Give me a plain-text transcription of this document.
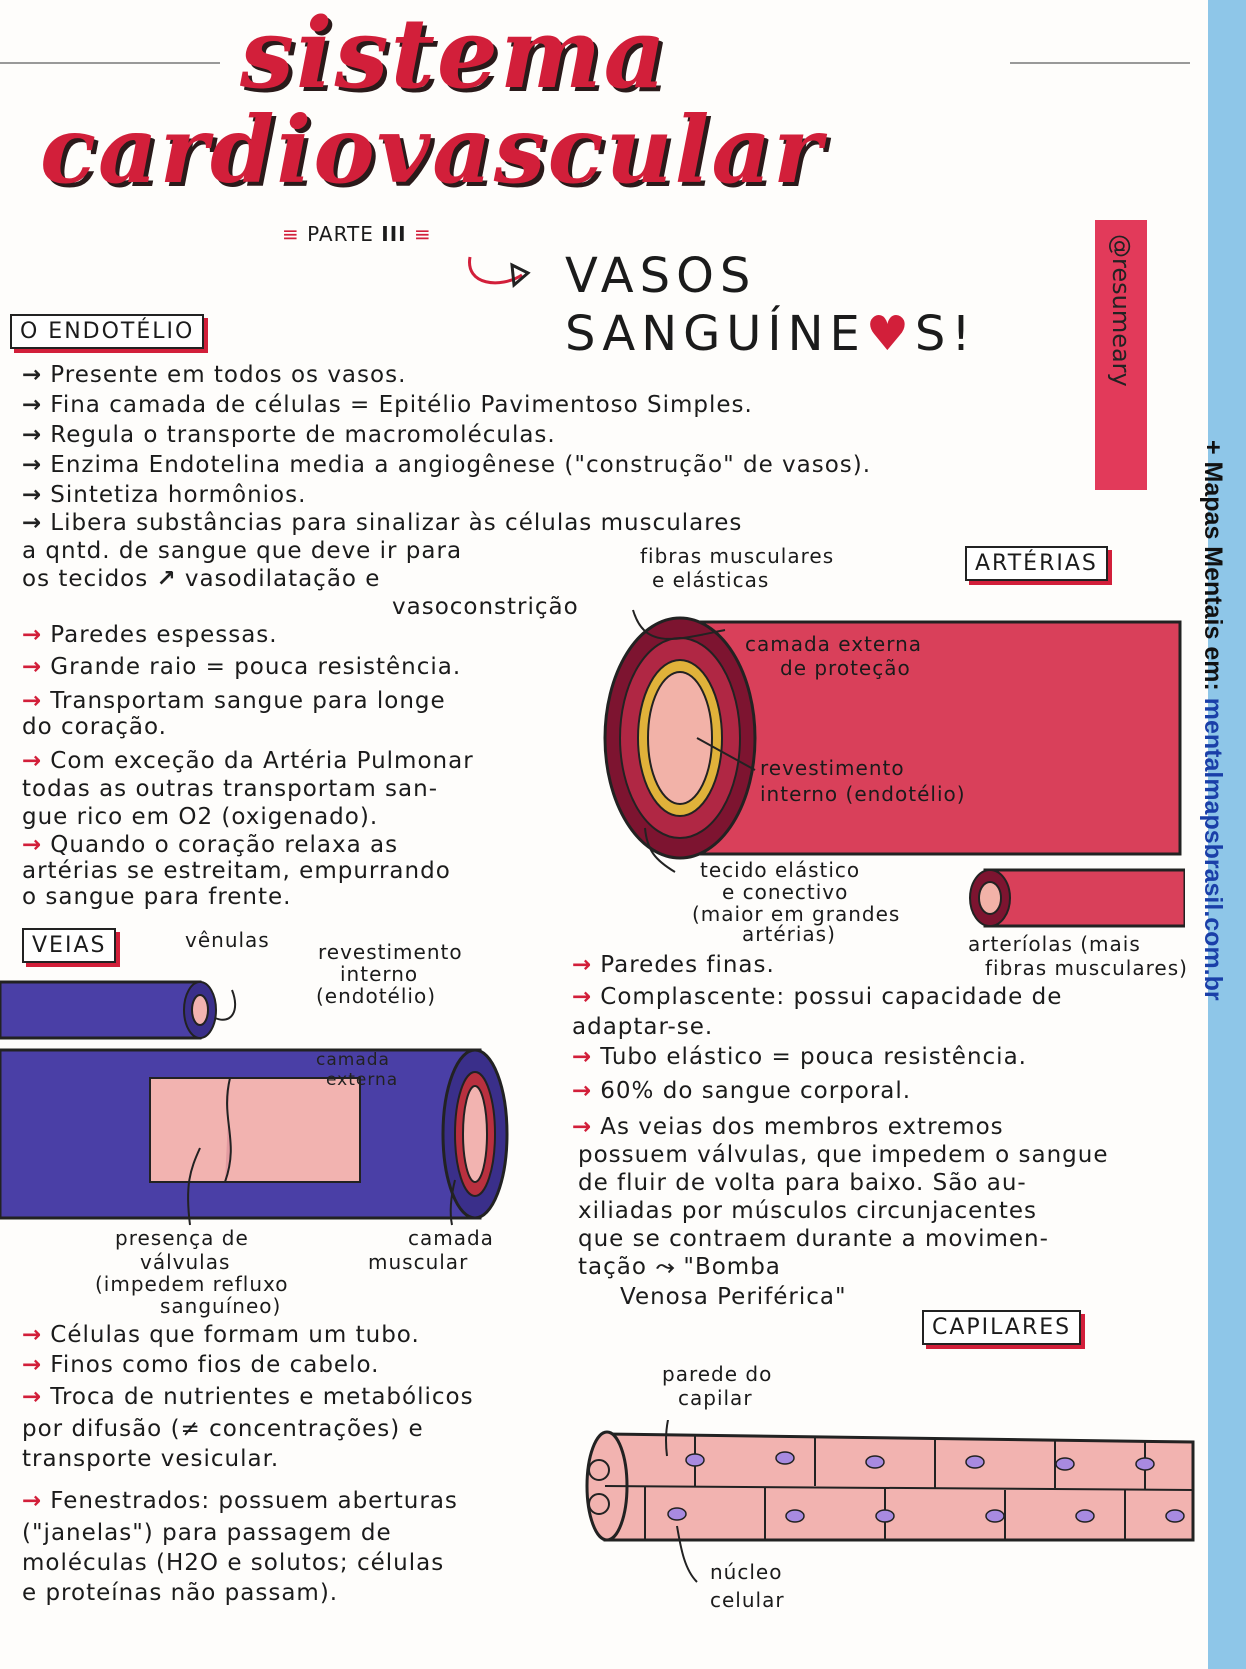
sistema
cardiovascular
≡ PARTE III ≡
VASOS
SANGUÍNE♥S!	@resumeary
O ENDOTÉLIO
→ Presente em todos os vasos.
→ Fina camada de células = Epitélio Pavimentoso Simples.
→ Regula o transporte de macromoléculas.
→ Enzima Endotelina media a angiogênese ("construção" de vasos).
→ Sintetiza hormônios.
→ Libera substâncias para sinalizar às células musculares
a qntd. de sangue que deve ir para
os tecidos ↗ vasodilatação e
vasoconstrição
→ Paredes espessas.
→ Grande raio = pouca resistência.
→ Transportam sangue para longe
do coração.
→ Com exceção da Artéria Pulmonar
todas as outras transportam san-
gue rico em O2 (oxigenado).
→ Quando o coração relaxa as
artérias se estreitam, empurrando
o sangue para frente.
ARTÉRIAS
fibras musculares
e elásticas
camada externa
de proteção
revestimento
interno (endotélio)
tecido elástico
e conectivo
(maior em grandes
artérias)	arteríolas (mais
fibras musculares)
VEIAS	vênulas revestimento
interno
(endotélio)
camada
externa
presença de
válvulas
(impedem refluxo
sanguíneo)
camada
muscular
→ Paredes finas.
→ Complascente: possui capacidade de
adaptar-se.
→ Tubo elástico = pouca resistência.
→ 60% do sangue corporal.
→ As veias dos membros extremos
possuem válvulas, que impedem o sangue
de fluir de volta para baixo. São au-
xiliadas por músculos circunjacentes
que se contraem durante a movimen-
tação ⤳ "Bomba
Venosa Periférica"
CAPILARES
→ Células que formam um tubo.
→ Finos como fios de cabelo.
→ Troca de nutrientes e metabólicos
por difusão (≠ concentrações) e
transporte vesicular.
→ Fenestrados: possuem aberturas
("janelas") para passagem de
moléculas (H2O e solutos; células
e proteínas não passam).
parede do
capilar
núcleo
celular
+ Mapas Mentais em: mentalmapsbrasil.com.br
